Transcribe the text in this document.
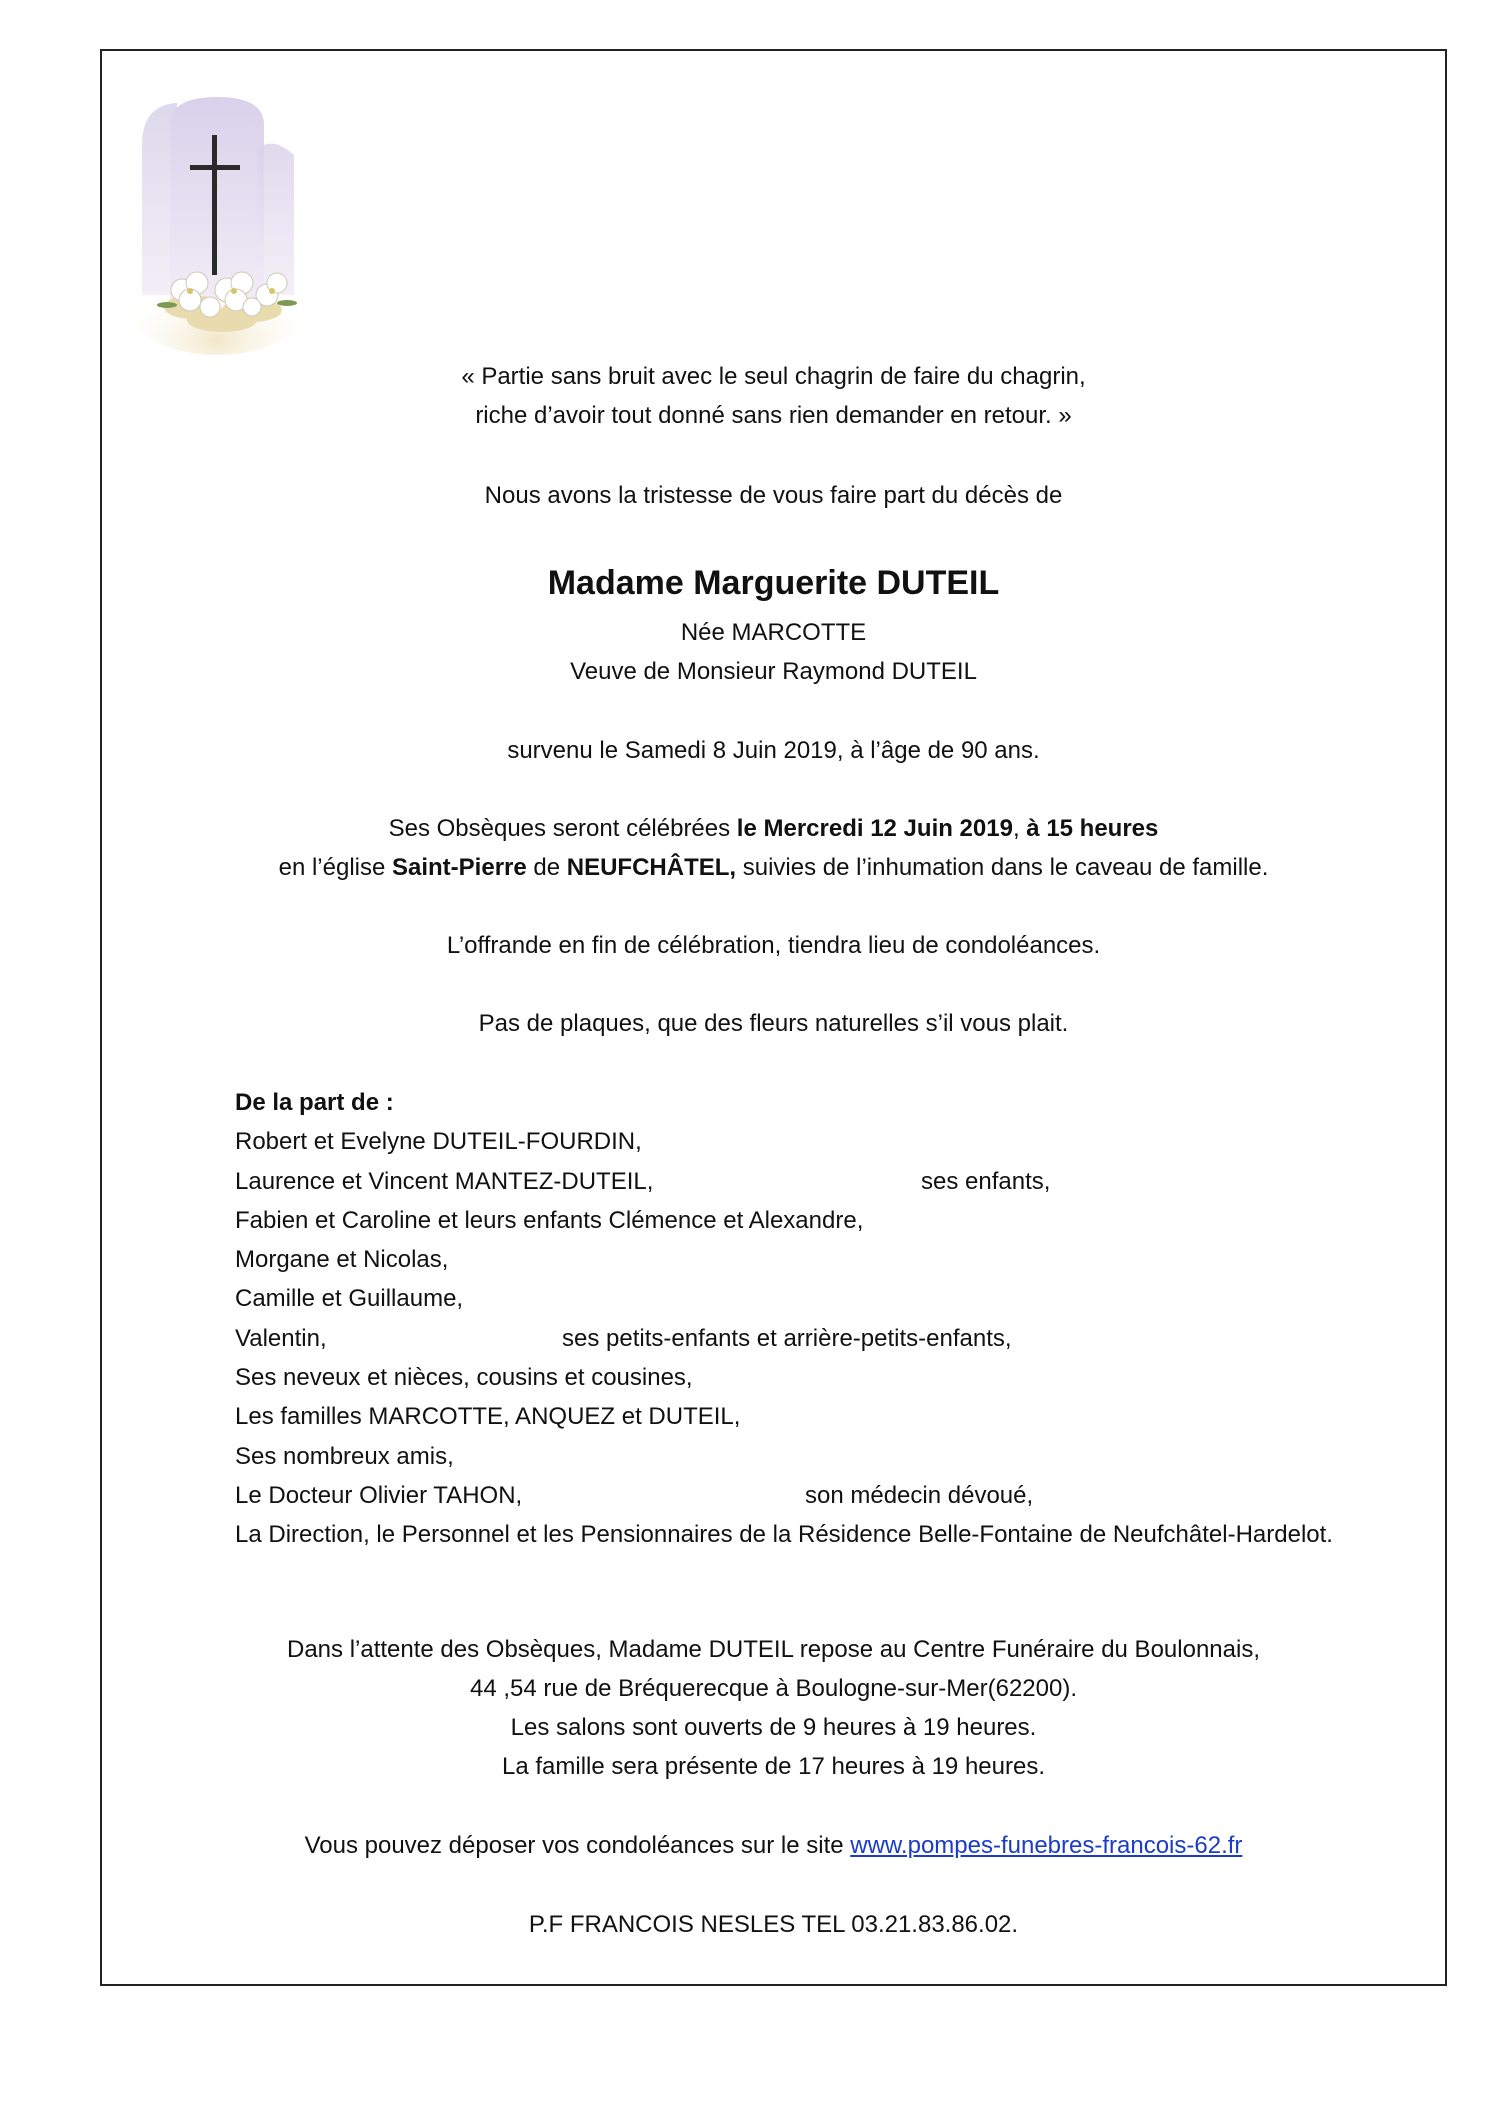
« Partie sans bruit avec le seul chagrin de faire du chagrin,
riche d’avoir tout donné sans rien demander en retour. »
Nous avons la tristesse de vous faire part du décès de
Madame Marguerite DUTEIL
Née MARCOTTE
Veuve de Monsieur Raymond DUTEIL
survenu le Samedi 8 Juin 2019, à l’âge de 90 ans.
Ses Obsèques seront célébrées le Mercredi 12 Juin 2019, à 15 heures
en l’église Saint-Pierre de NEUFCHÂTEL, suivies de l’inhumation dans le caveau de famille.
L’offrande en fin de célébration, tiendra lieu de condoléances.
Pas de plaques, que des fleurs naturelles s’il vous plait.
De la part de :
Robert et Evelyne DUTEIL-FOURDIN,
Laurence et Vincent MANTEZ-DUTEIL,	ses enfants,
Fabien et Caroline et leurs enfants Clémence et Alexandre,
Morgane et Nicolas,
Camille et Guillaume,
Valentin,	ses petits-enfants et arrière-petits-enfants,
Ses neveux et nièces, cousins et cousines,
Les familles MARCOTTE, ANQUEZ et DUTEIL,
Ses nombreux amis,
Le Docteur Olivier TAHON,	son médecin dévoué,
La Direction, le Personnel et les Pensionnaires de la Résidence Belle-Fontaine de Neufchâtel-Hardelot.
Dans l’attente des Obsèques, Madame DUTEIL repose au Centre Funéraire du Boulonnais,
44 ,54 rue de Bréquerecque à Boulogne-sur-Mer(62200).
Les salons sont ouverts de 9 heures à 19 heures.
La famille sera présente de 17 heures à 19 heures.
Vous pouvez déposer vos condoléances sur le site www.pompes-funebres-francois-62.fr
P.F FRANCOIS NESLES TEL 03.21.83.86.02.
